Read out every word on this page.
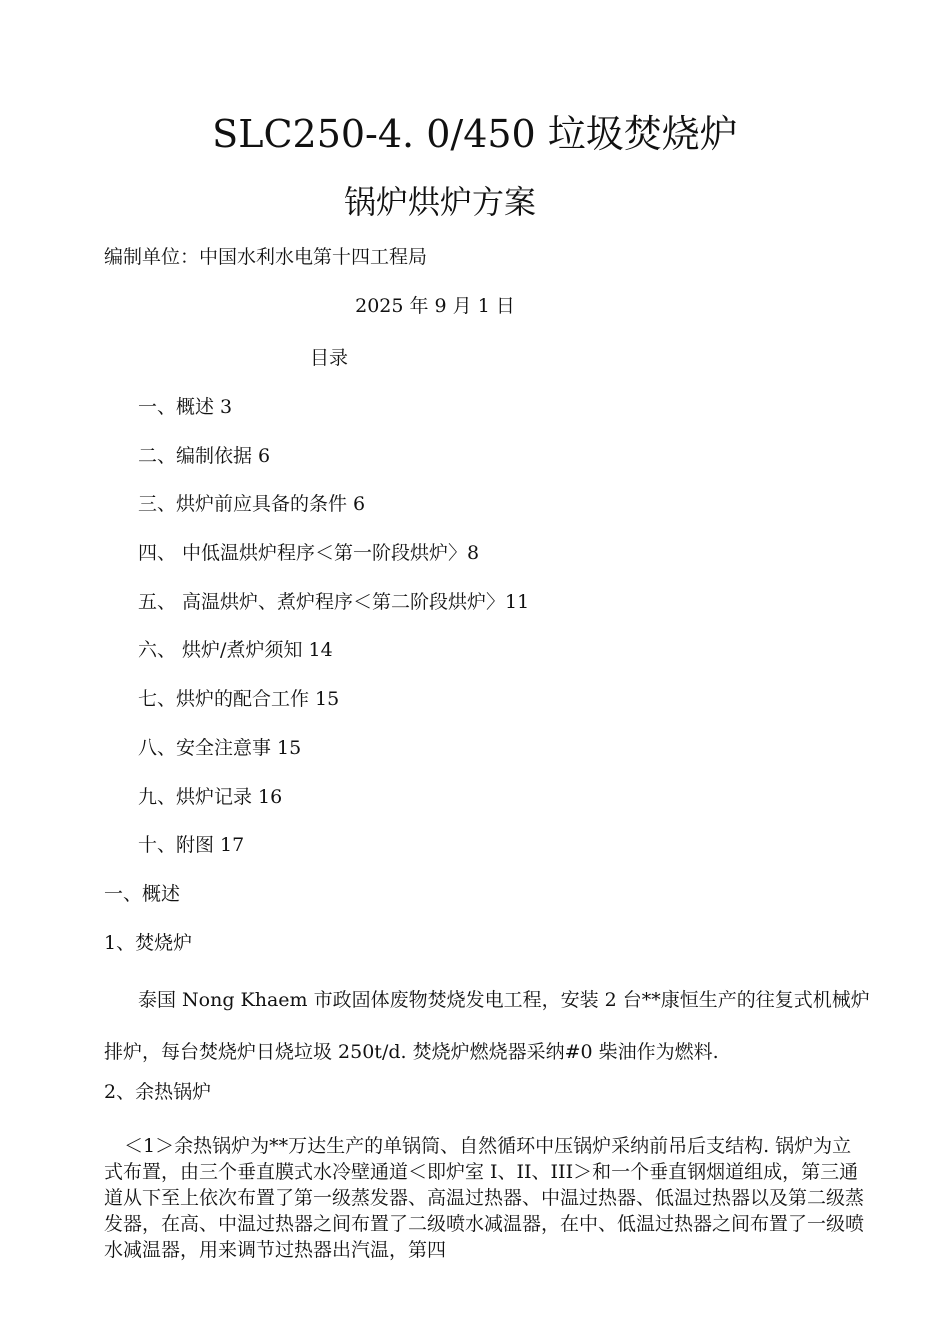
SLC250-4. 0/450 垃圾焚烧炉
锅炉烘炉方案
编制单位：中国水利水电第十四工程局
2025 年 9 月 1 日
目录
一、概述 3
二、编制依据 6
三、烘炉前应具备的条件 6
四、 中低温烘炉程序＜第一阶段烘炉〉8
五、 高温烘炉、煮炉程序＜第二阶段烘炉〉11
六、 烘炉/煮炉须知 14
七、烘炉的配合工作 15
八、安全注意事 15
九、烘炉记录 16
十、附图 17
一、概述
1、焚烧炉

泰国 Nong Khaem 市政固体废物焚烧发电工程，安装 2 台**康恒生产的往复式机械炉排炉，每台焚烧炉日烧垃圾 250t/d. 焚烧炉燃烧器采纳#0 柴油作为燃料.

2、余热锅炉

＜1＞余热锅炉为**万达生产的单锅筒、自然循环中压锅炉采纳前吊后支结构. 锅炉为立式布置，由三个垂直膜式水冷壁通道＜即炉室 I、II、III＞和一个垂直钢烟道组成，第三通道从下至上依次布置了第一级蒸发器、高温过热器、中温过热器、低温过热器以及第二级蒸发器，在高、中温过热器之间布置了二级喷水减温器，在中、低温过热器之间布置了一级喷水减温器，用来调节过热器出汽温，第四
